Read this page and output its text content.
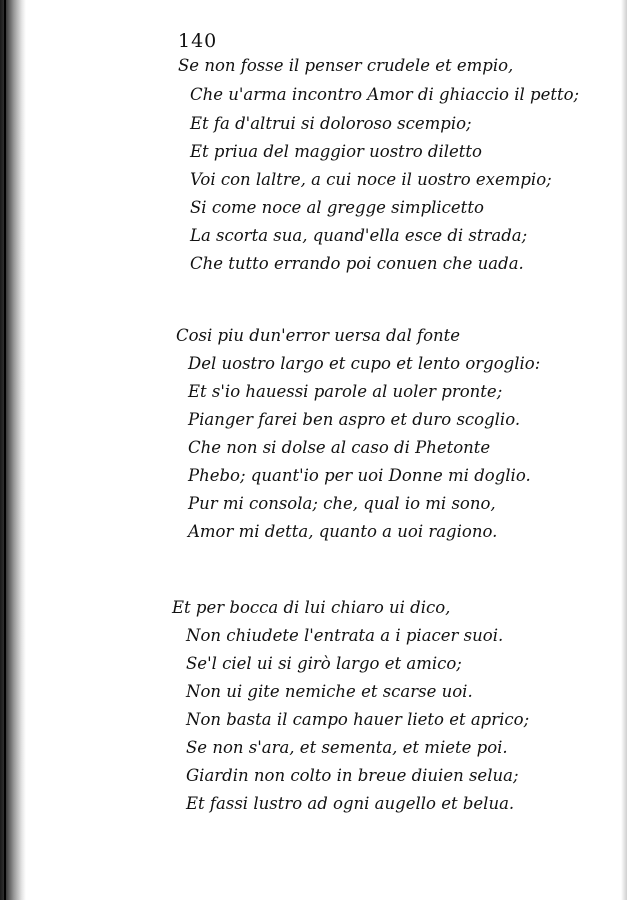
140
Se non fosse il penser crudele et empio,
Che u'arma incontro Amor di ghiaccio il petto;
Et fa d'altrui si doloroso scempio;
Et priua del maggior uostro diletto
Voi con laltre, a cui noce il uostro exempio;
Si come noce al gregge simplicetto
La scorta sua, quand'ella esce di strada;
Che tutto errando poi conuen che uada.
Cosi piu dun'error uersa dal fonte
Del uostro largo et cupo et lento orgoglio:
Et s'io hauessi parole al uoler pronte;
Pianger farei ben aspro et duro scoglio.
Che non si dolse al caso di Phetonte
Phebo; quant'io per uoi Donne mi doglio.
Pur mi consola; che, qual io mi sono,
Amor mi detta, quanto a uoi ragiono.
Et per bocca di lui chiaro ui dico,
Non chiudete l'entrata a i piacer suoi.
Se'l ciel ui si girò largo et amico;
Non ui gite nemiche et scarse uoi.
Non basta il campo hauer lieto et aprico;
Se non s'ara, et sementa, et miete poi.
Giardin non colto in breue diuien selua;
Et fassi lustro ad ogni augello et belua.
